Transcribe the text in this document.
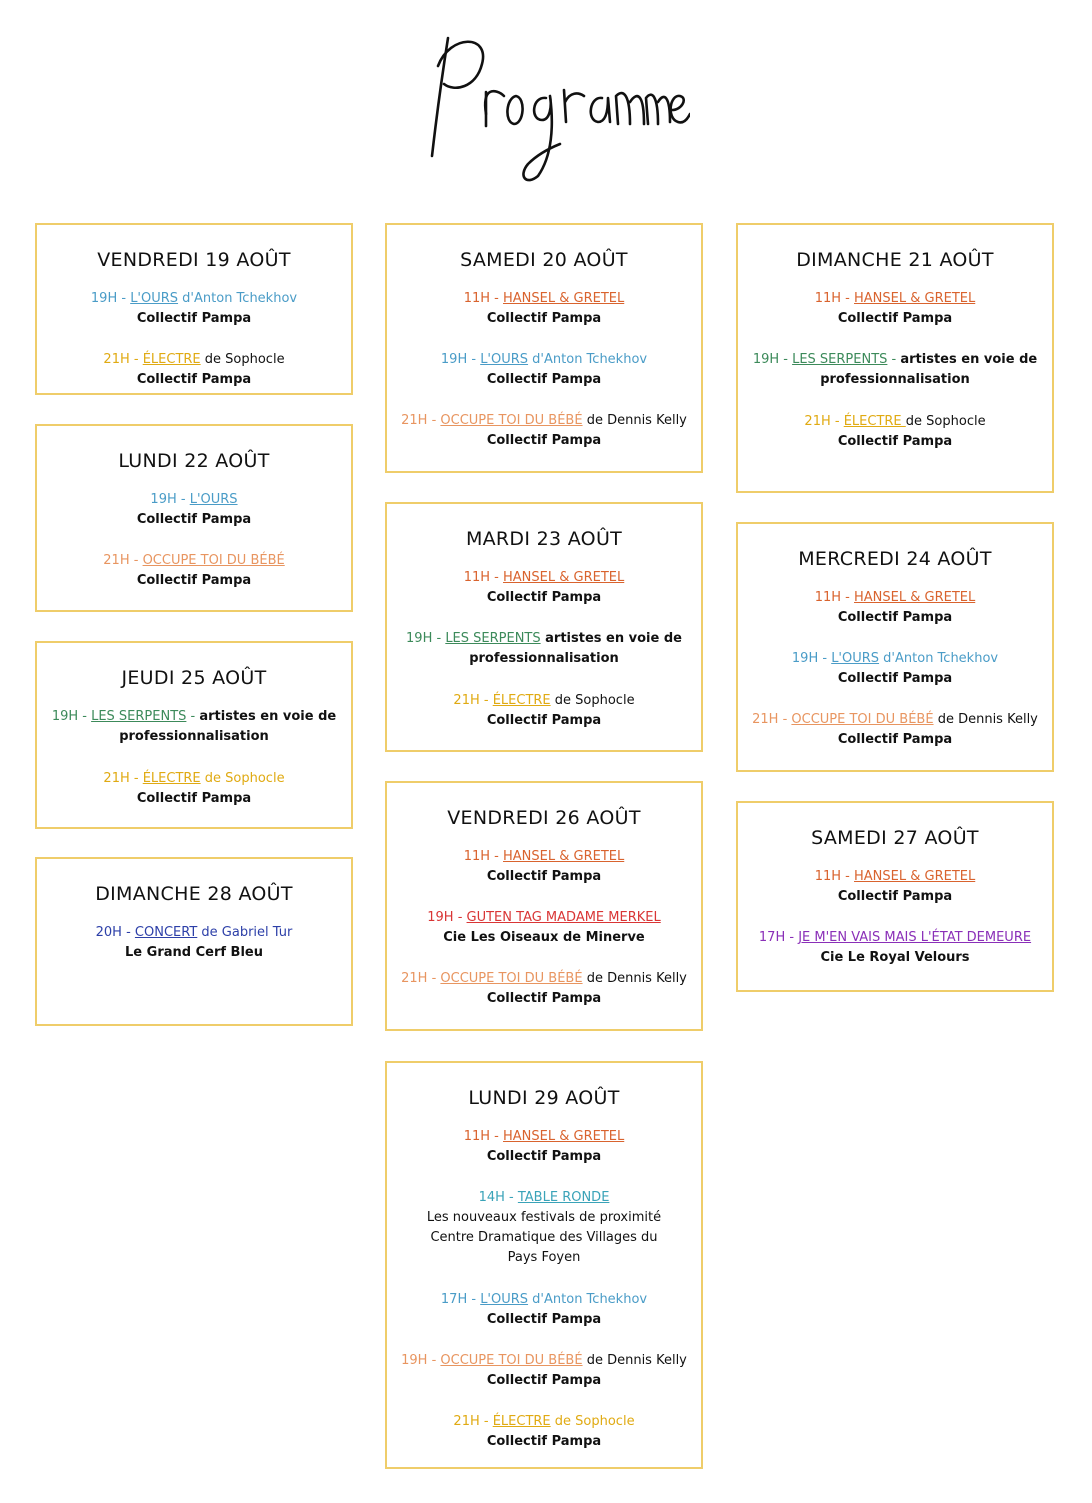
VENDREDI 19 AOÛT
19H - L'OURS d'Anton Tchekhov
Collectif Pampa
21H - ÉLECTRE de Sophocle
Collectif Pampa
LUNDI 22 AOÛT
19H - L'OURS
Collectif Pampa
21H - OCCUPE TOI DU BÉBÉ
Collectif Pampa
JEUDI 25 AOÛT
19H - LES SERPENTS - artistes en voie de professionnalisation
21H - ÉLECTRE de Sophocle
Collectif Pampa
DIMANCHE 28 AOÛT
20H - CONCERT de Gabriel Tur
Le Grand Cerf Bleu
SAMEDI 20 AOÛT
11H - HANSEL & GRETEL
Collectif Pampa
19H - L'OURS d'Anton Tchekhov
Collectif Pampa
21H - OCCUPE TOI DU BÉBÉ de Dennis Kelly
Collectif Pampa
MARDI 23 AOÛT
11H - HANSEL & GRETEL
Collectif Pampa
19H - LES SERPENTS artistes en voie de professionnalisation
21H - ÉLECTRE de Sophocle
Collectif Pampa
VENDREDI 26 AOÛT
11H - HANSEL & GRETEL
Collectif Pampa
19H - GUTEN TAG MADAME MERKEL
Cie Les Oiseaux de Minerve
21H - OCCUPE TOI DU BÉBÉ de Dennis Kelly
Collectif Pampa
LUNDI 29 AOÛT
11H - HANSEL & GRETEL
Collectif Pampa
14H - TABLE RONDE
Les nouveaux festivals de proximité
Centre Dramatique des Villages du Pays Foyen
17H - L'OURS d'Anton Tchekhov
Collectif Pampa
19H - OCCUPE TOI DU BÉBÉ de Dennis Kelly
Collectif Pampa
21H - ÉLECTRE de Sophocle
Collectif Pampa
DIMANCHE 21 AOÛT
11H - HANSEL & GRETEL
Collectif Pampa
19H - LES SERPENTS - artistes en voie de professionnalisation
21H - ÉLECTRE de Sophocle
Collectif Pampa
MERCREDI 24 AOÛT
11H - HANSEL & GRETEL
Collectif Pampa
19H - L'OURS d'Anton Tchekhov
Collectif Pampa
21H - OCCUPE TOI DU BÉBÉ de Dennis Kelly
Collectif Pampa
SAMEDI 27 AOÛT
11H - HANSEL & GRETEL
Collectif Pampa
17H - JE M'EN VAIS MAIS L'ÉTAT DEMEURE
Cie Le Royal Velours
